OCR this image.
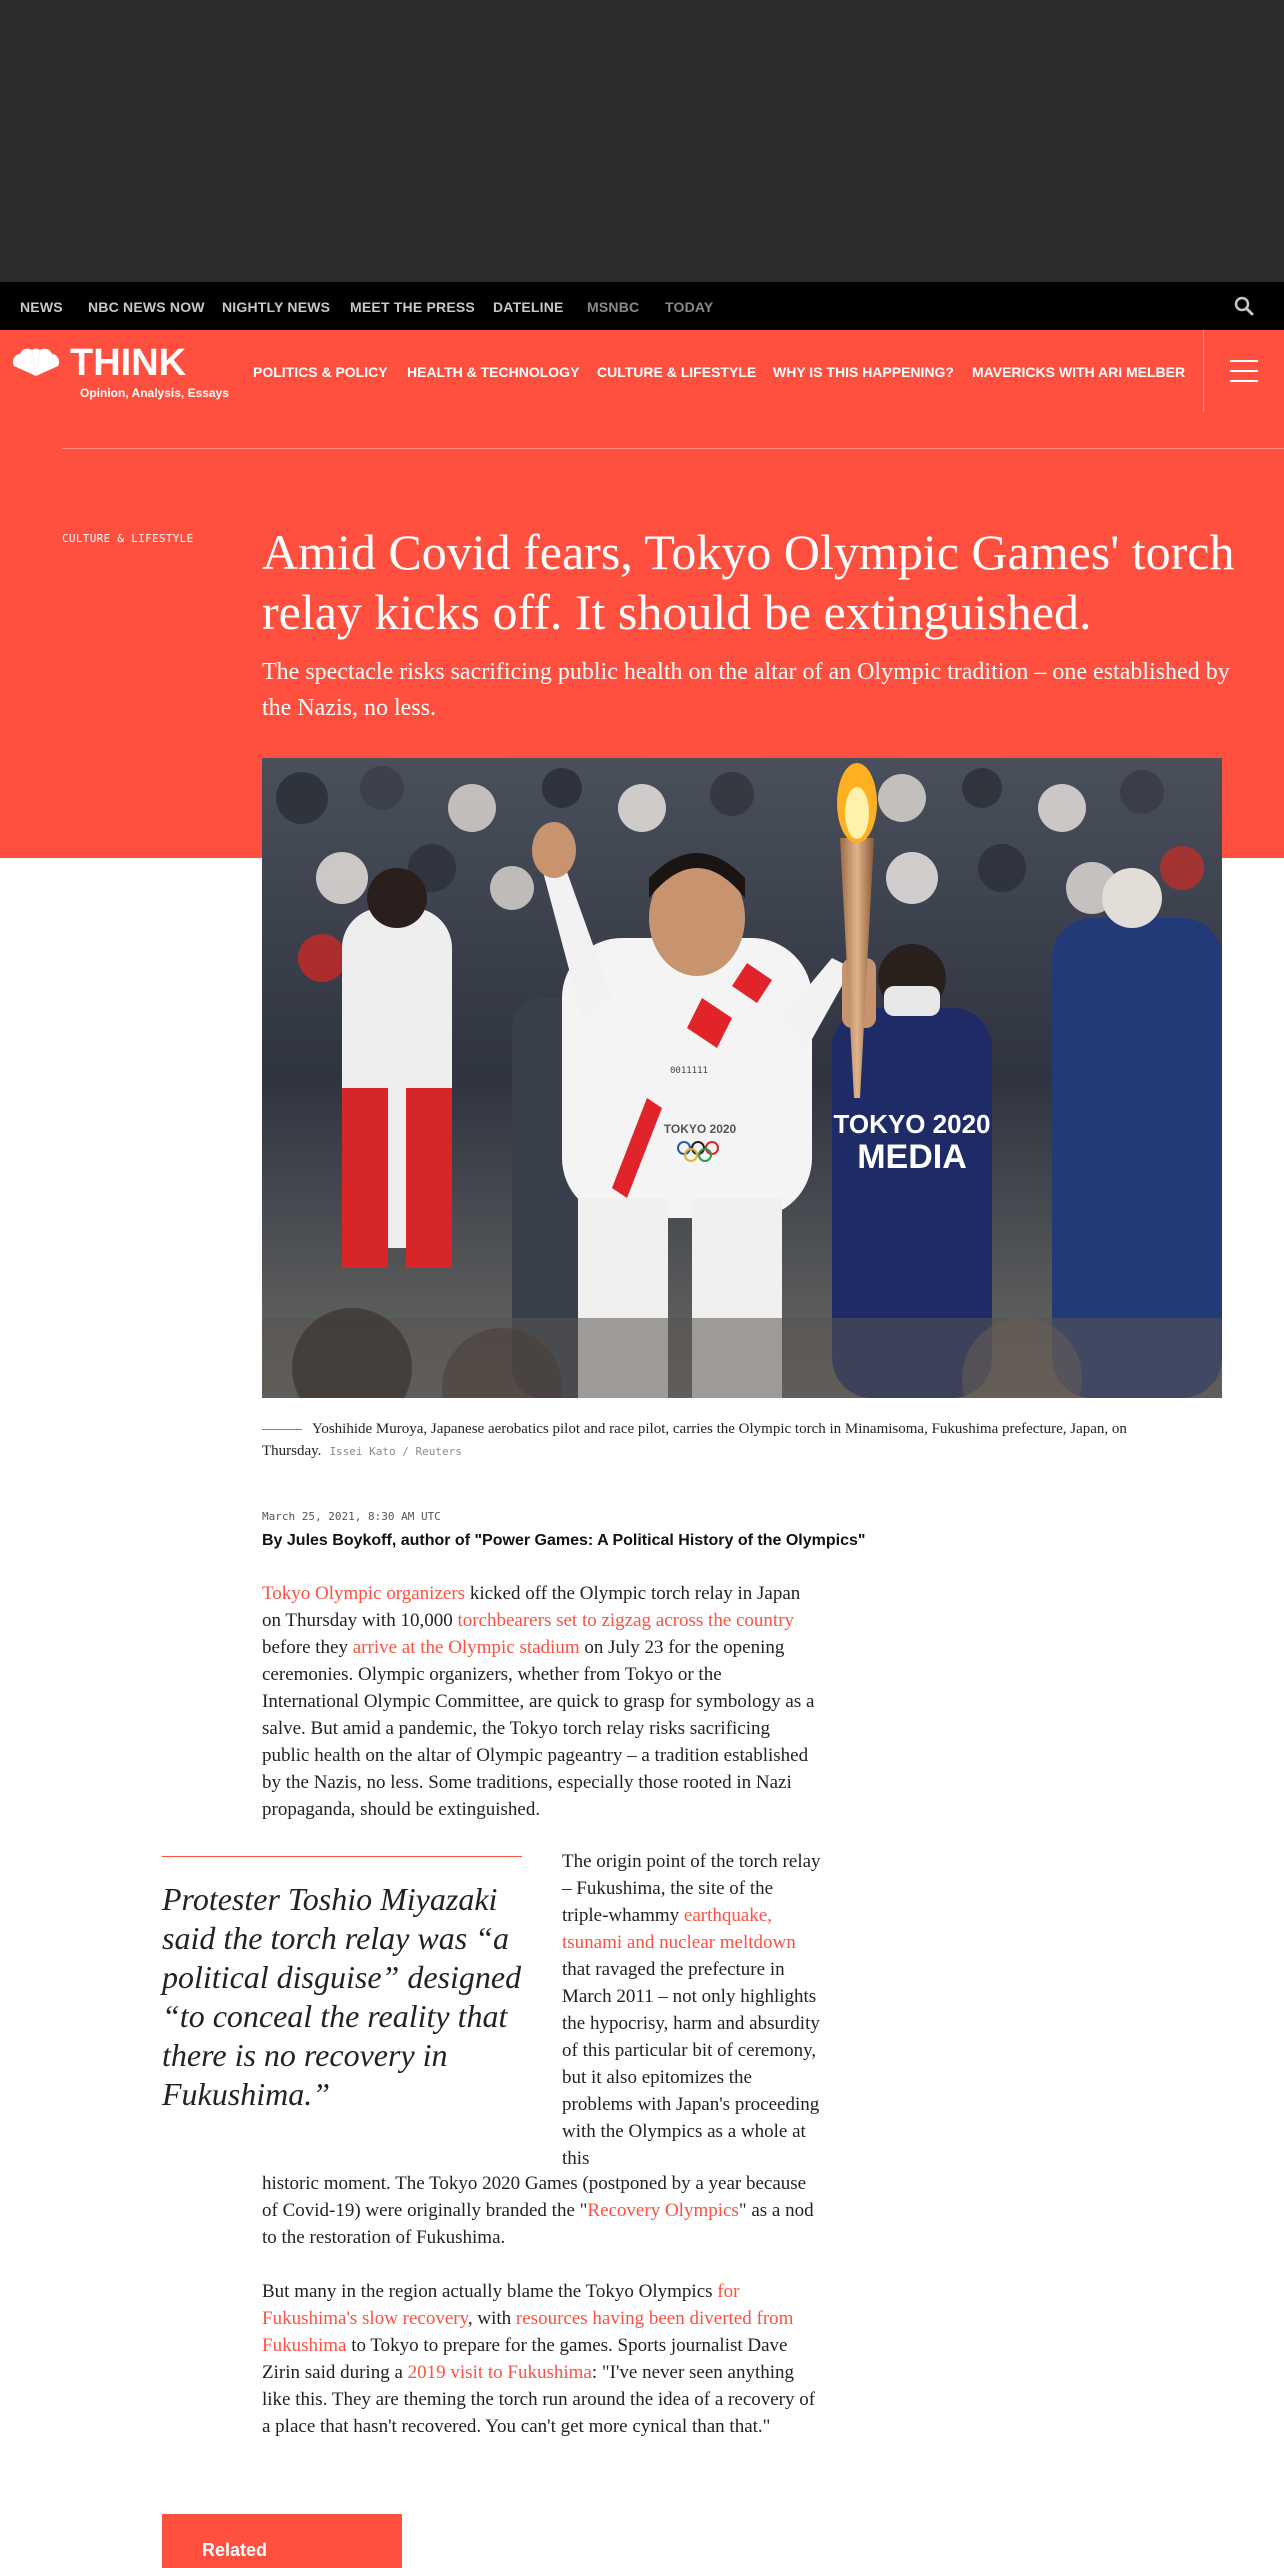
NEWS NBC NEWS NOW NIGHTLY NEWS MEET THE PRESS DATELINE MSNBC TODAY
THINK
Opinion, Analysis, Essays
POLITICS & POLICY HEALTH & TECHNOLOGY CULTURE & LIFESTYLE WHY IS THIS HAPPENING? MAVERICKS WITH ARI MELBER
CULTURE & LIFESTYLE Amid Covid fears, Tokyo Olympic Games' torch relay kicks off. It should be extinguished.

The spectacle risks sacrificing public health on the altar of an Olympic tradition – one established by the Nazis, no less.

TOKYO 2020
MEDIA
TOKYO 2020
0011111
Yoshihide Muroya, Japanese aerobatics pilot and race pilot, carries the Olympic torch in Minamisoma, Fukushima prefecture, Japan, on Thursday. Issei Kato / Reuters
March 25, 2021, 8:30 AM UTC
By Jules Boykoff, author of "Power Games: A Political History of the Olympics"

Tokyo Olympic organizers kicked off the Olympic torch relay in Japan on Thursday with 10,000 torchbearers set to zigzag across the country before they arrive at the Olympic stadium on July 23 for the opening ceremonies. Olympic organizers, whether from Tokyo or the International Olympic Committee, are quick to grasp for symbology as a salve. But amid a pandemic, the Tokyo torch relay risks sacrificing public health on the altar of Olympic pageantry – a tradition established by the Nazis, no less. Some traditions, especially those rooted in Nazi propaganda, should be extinguished.

Protester Toshio Miyazaki said the torch relay was “a political disguise” designed “to conceal the reality that there is no recovery in Fukushima.”

The origin point of the torch relay – Fukushima, the site of the triple-whammy earthquake, tsunami and nuclear meltdown that ravaged the prefecture in March 2011 – not only highlights the hypocrisy, harm and absurdity of this particular bit of ceremony, but it also epitomizes the problems with Japan's proceeding with the Olympics as a whole at this

historic moment. The Tokyo 2020 Games (postponed by a year because of Covid-19) were originally branded the "Recovery Olympics" as a nod to the restoration of Fukushima.

But many in the region actually blame the Tokyo Olympics for Fukushima's slow recovery, with resources having been diverted from Fukushima to Tokyo to prepare for the games. Sports journalist Dave Zirin said during a 2019 visit to Fukushima: "I've never seen anything like this. They are theming the torch run around the idea of a recovery of a place that hasn't recovered. You can't get more cynical than that."

Related
